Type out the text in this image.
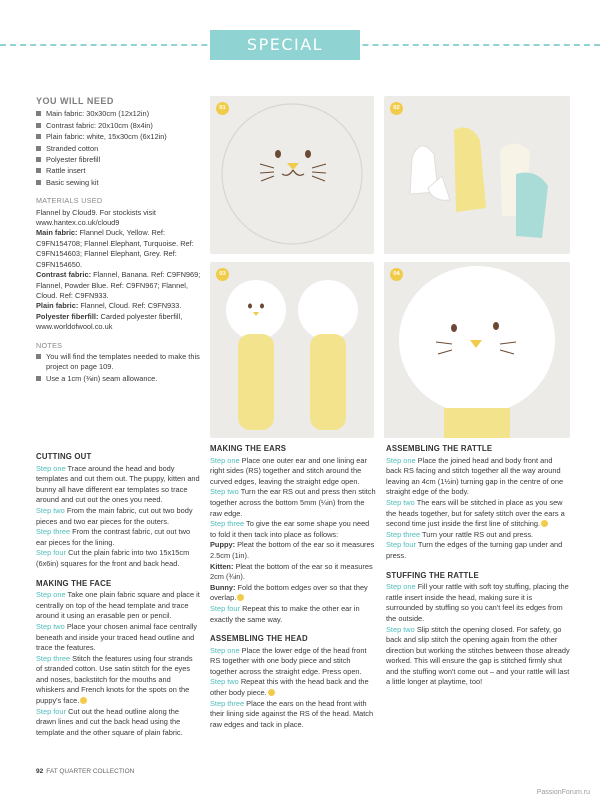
SPECIAL OCCASIONS
YOU WILL NEED
Main fabric: 30x30cm (12x12in)
Contrast fabric: 20x10cm (8x4in)
Plain fabric: white, 15x30cm (6x12in)
Stranded cotton
Polyester fibrefill
Rattle insert
Basic sewing kit
MATERIALS USED
Flannel by Cloud9. For stockists visit www.hantex.co.uk/cloud9
Main fabric: Flannel Duck, Yellow. Ref: C9FN154708; Flannel Elephant, Turquoise. Ref: C9FN154603; Flannel Elephant, Grey. Ref: C9FN154650.
Contrast fabric: Flannel, Banana. Ref: C9FN969; Flannel, Powder Blue. Ref: C9FN967; Flannel, Cloud. Ref: C9FN933.
Plain fabric: Flannel, Cloud. Ref: C9FN933.
Polyester fiberfill: Carded polyester fiberfill, www.worldofwool.co.uk
NOTES
You will find the templates needed to make this project on page 109.
Use a 1cm (⅜in) seam allowance.
01	02
03	04
CUTTING OUT

Step one Trace around the head and body templates and cut them out. The puppy, kitten and bunny all have different ear templates so trace around and cut out the ones you need.

Step two From the main fabric, cut out two body pieces and two ear pieces for the outers.

Step three From the contrast fabric, cut out two ear pieces for the lining.

Step four Cut the plain fabric into two 15x15cm (6x6in) squares for the front and back head.

MAKING THE FACE

Step one Take one plain fabric square and place it centrally on top of the head template and trace around it using an erasable pen or pencil.

Step two Place your chosen animal face centrally beneath and inside your traced head outline and trace the features.

Step three Stitch the features using four strands of stranded cotton. Use satin stitch for the eyes and noses, backstitch for the mouths and whiskers and French knots for the spots on the puppy's face.

Step four Cut out the head outline along the drawn lines and cut the back head using the template and the other square of plain fabric.

MAKING THE EARS

Step one Place one outer ear and one lining ear right sides (RS) together and stitch around the curved edges, leaving the straight edge open.

Step two Turn the ear RS out and press then stitch together across the bottom 5mm (¼in) from the raw edge.

Step three To give the ear some shape you need to fold it then tack into place as follows:

Puppy: Pleat the bottom of the ear so it measures 2.5cm (1in).

Kitten: Pleat the bottom of the ear so it measures 2cm (¾in).

Bunny: Fold the bottom edges over so that they overlap.

Step four Repeat this to make the other ear in exactly the same way.

ASSEMBLING THE HEAD

Step one Place the lower edge of the head front RS together with one body piece and stitch together across the straight edge. Press open.

Step two Repeat this with the head back and the other body piece.

Step three Place the ears on the head front with their lining side against the RS of the head. Match raw edges and tack in place.

ASSEMBLING THE RATTLE

Step one Place the joined head and body front and back RS facing and stitch together all the way around leaving an 4cm (1½in) turning gap in the centre of one straight edge of the body.

Step two The ears will be stitched in place as you sew the heads together, but for safety stitch over the ears a second time just inside the first line of stitching.

Step three Turn your rattle RS out and press.

Step four Turn the edges of the turning gap under and press.

STUFFING THE RATTLE

Step one Fill your rattle with soft toy stuffing, placing the rattle insert inside the head, making sure it is surrounded by stuffing so you can't feel its edges from the outside.

Step two Slip stitch the opening closed. For safety, go back and slip stitch the opening again from the other direction but working the stitches between those already worked. This will ensure the gap is stitched firmly shut and the stuffing won't come out – and your rattle will last a little longer at playtime, too!

92 FAT QUARTER COLLECTION
PassionForum.ru
